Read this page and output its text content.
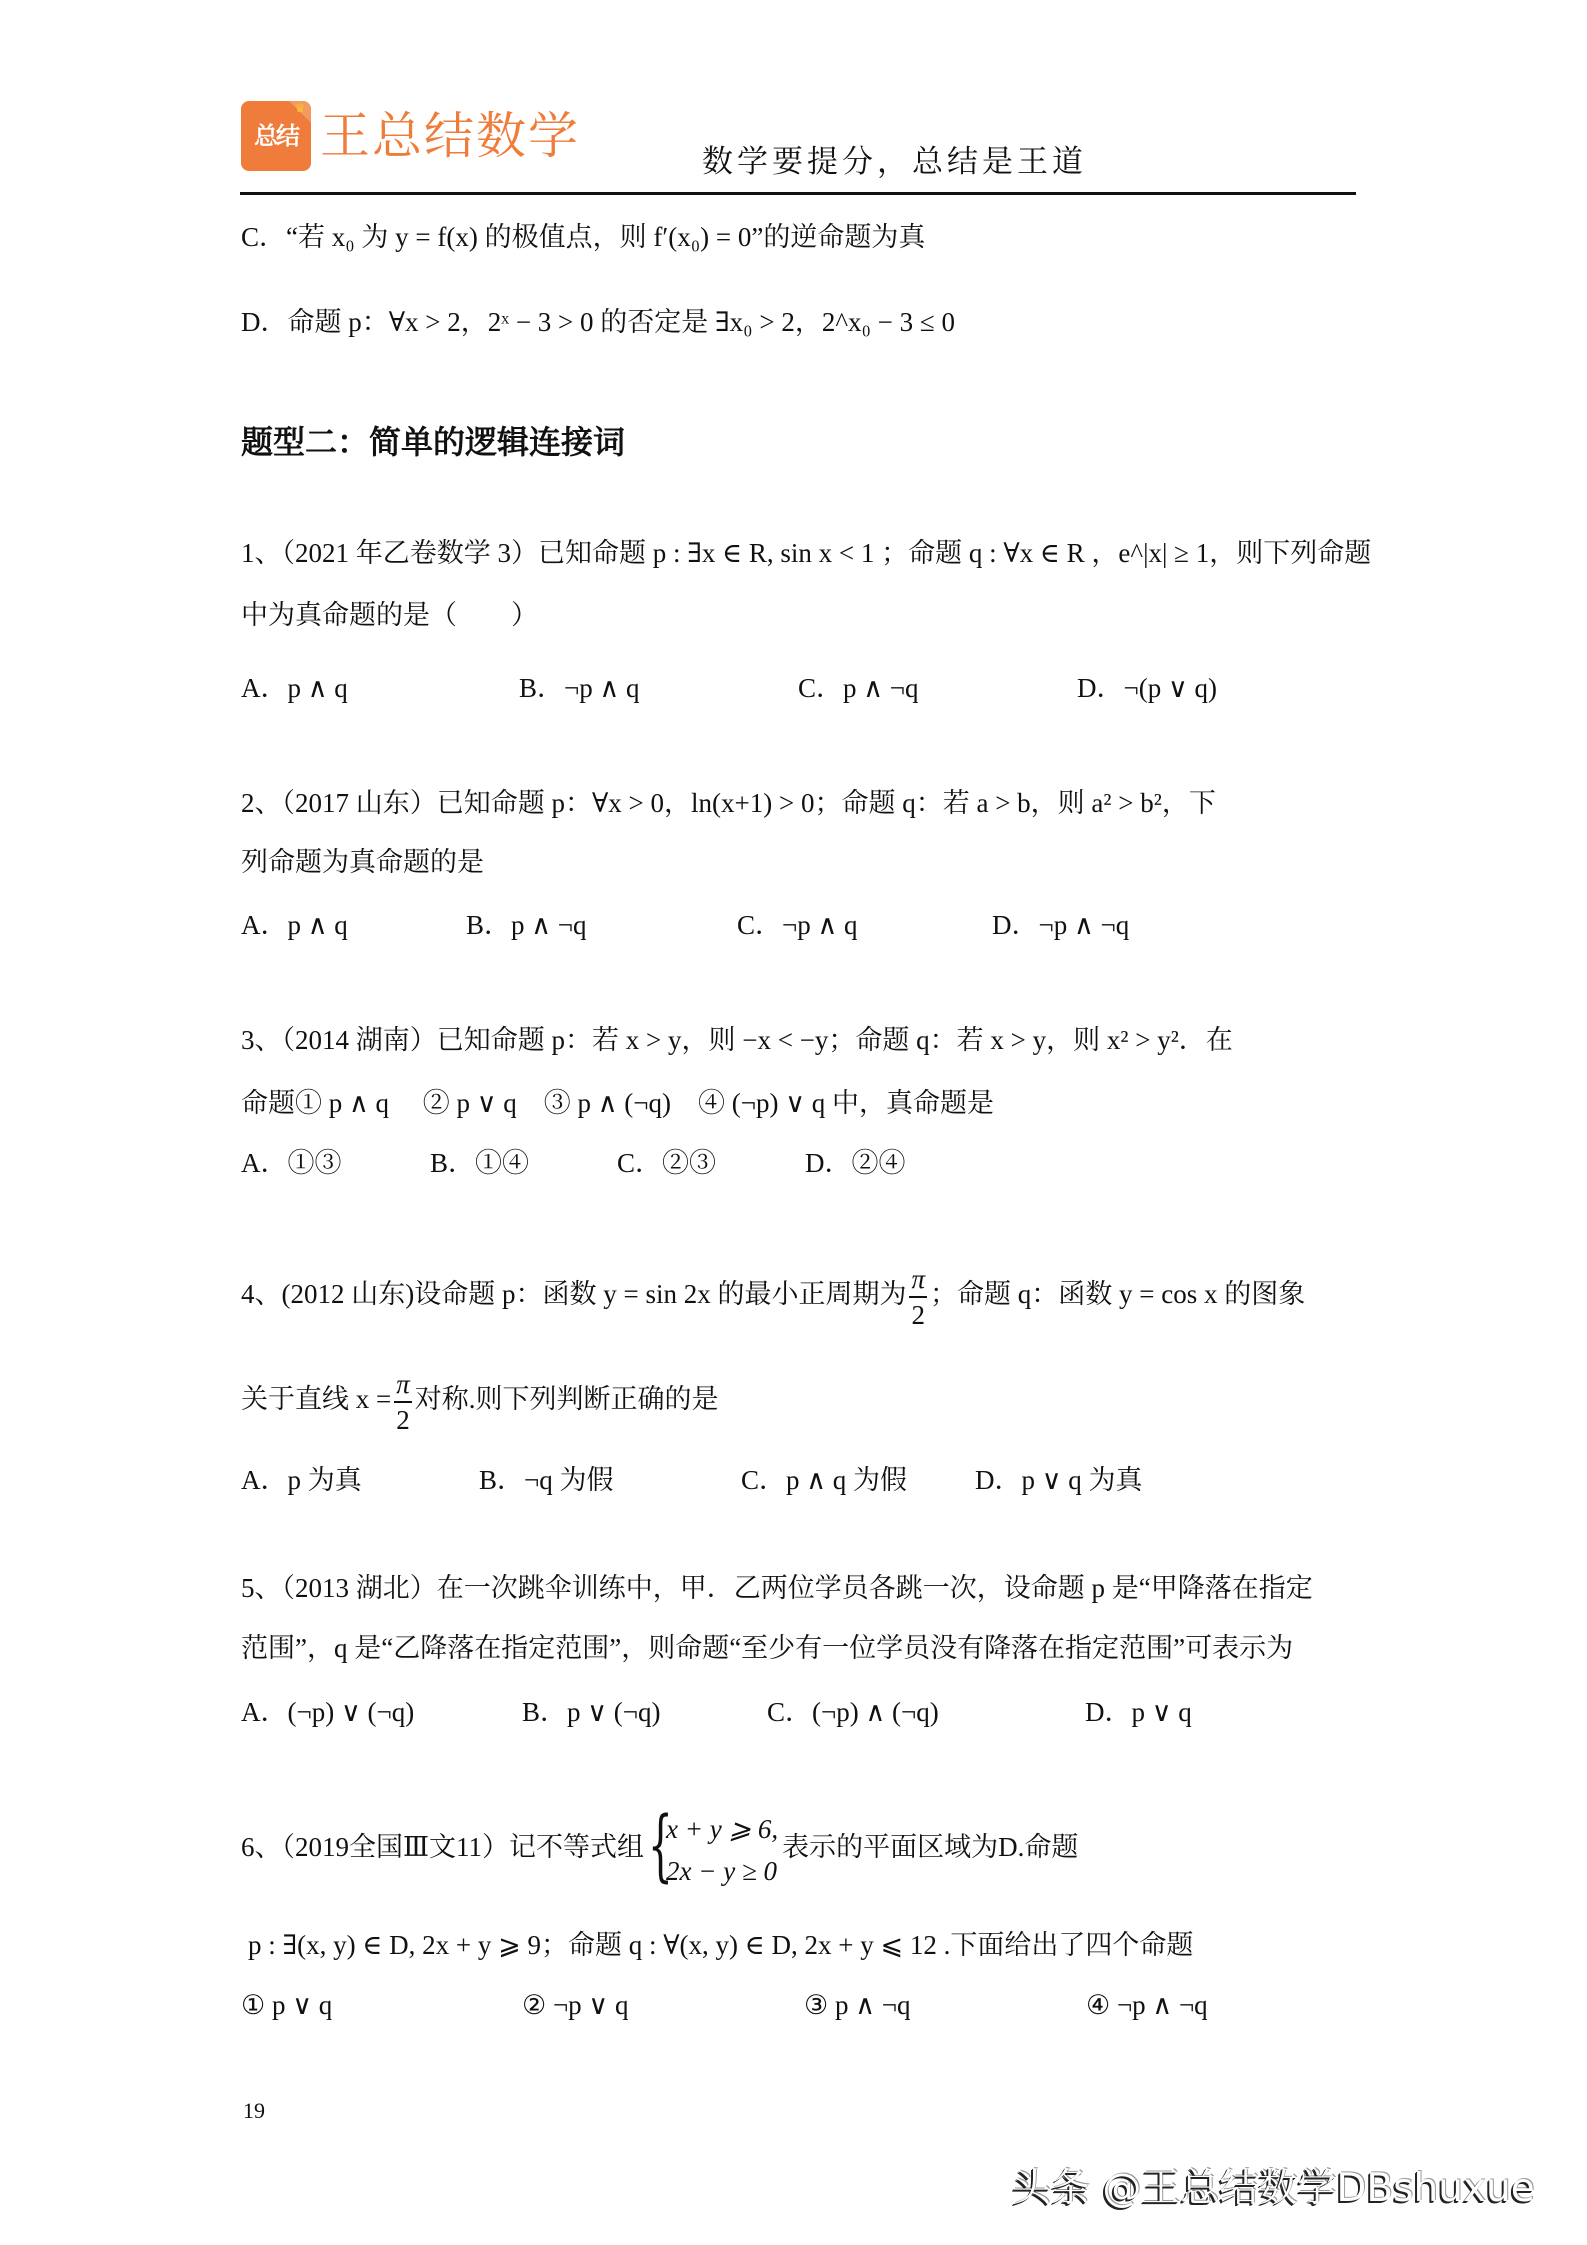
♛
总结 王总结数学	数学要提分，总结是王道
C．“若 x₀ 为 y = f(x) 的极值点，则 f′(x₀) = 0”的逆命题为真
D．命题 p：∀x > 2，2ˣ − 3 > 0 的否定是 ∃x₀ > 2，2^x₀ − 3 ≤ 0
题型二：简单的逻辑连接词
1、（2021 年乙卷数学 3）已知命题 p : ∃x ∈ R, sin x < 1 ；命题 q : ∀x ∈ R ，e^|x| ≥ 1，则下列命题
中为真命题的是（　　）
A．p ∧ q	B．¬p ∧ q	C．p ∧ ¬q	D．¬(p ∨ q)
2、（2017 山东）已知命题 p：∀x > 0，ln(x+1) > 0；命题 q：若 a > b，则 a² > b²，下
列命题为真命题的是
A．p ∧ q	B．p ∧ ¬q	C．¬p ∧ q	D．¬p ∧ ¬q
3、（2014 湖南）已知命题 p：若 x > y，则 −x < −y；命题 q：若 x > y，则 x² > y²．在
命题① p ∧ q　 ② p ∨ q　③ p ∧ (¬q)　④ (¬p) ∨ q 中，真命题是
A．①③	B．①④	C．②③	D．②④
4、(2012 山东)设命题 p：函数 y = sin 2x 的最小正周期为 $\frac{\pi}{2}$ ；命题 q：函数 y = cos x 的图象
关于直线 $x = \frac{\pi}{2}$ 对称.则下列判断正确的是
A．p 为真	B．¬q 为假	C．p ∧ q 为假	D．p ∨ q 为真
5、（2013 湖北）在一次跳伞训练中，甲．乙两位学员各跳一次，设命题 p 是“甲降落在指定
范围”，q 是“乙降落在指定范围”，则命题“至少有一位学员没有降落在指定范围”可表示为
A．(¬p) ∨ (¬q)	B．p ∨ (¬q)	C．(¬p) ∧ (¬q)	D．p ∨ q
6、（2019全国Ⅲ文11）记不等式组 {
x + y ⩾ 6,
2x − y ≥ 0
表示的平面区域为D.命题
p : ∃(x, y) ∈ D, 2x + y ⩾ 9；命题 q : ∀(x, y) ∈ D, 2x + y ⩽ 12 .下面给出了四个命题
① p ∨ q	② ¬p ∨ q	③ p ∧ ¬q	④ ¬p ∧ ¬q
19
头条 @王总结数学DBshuxue
